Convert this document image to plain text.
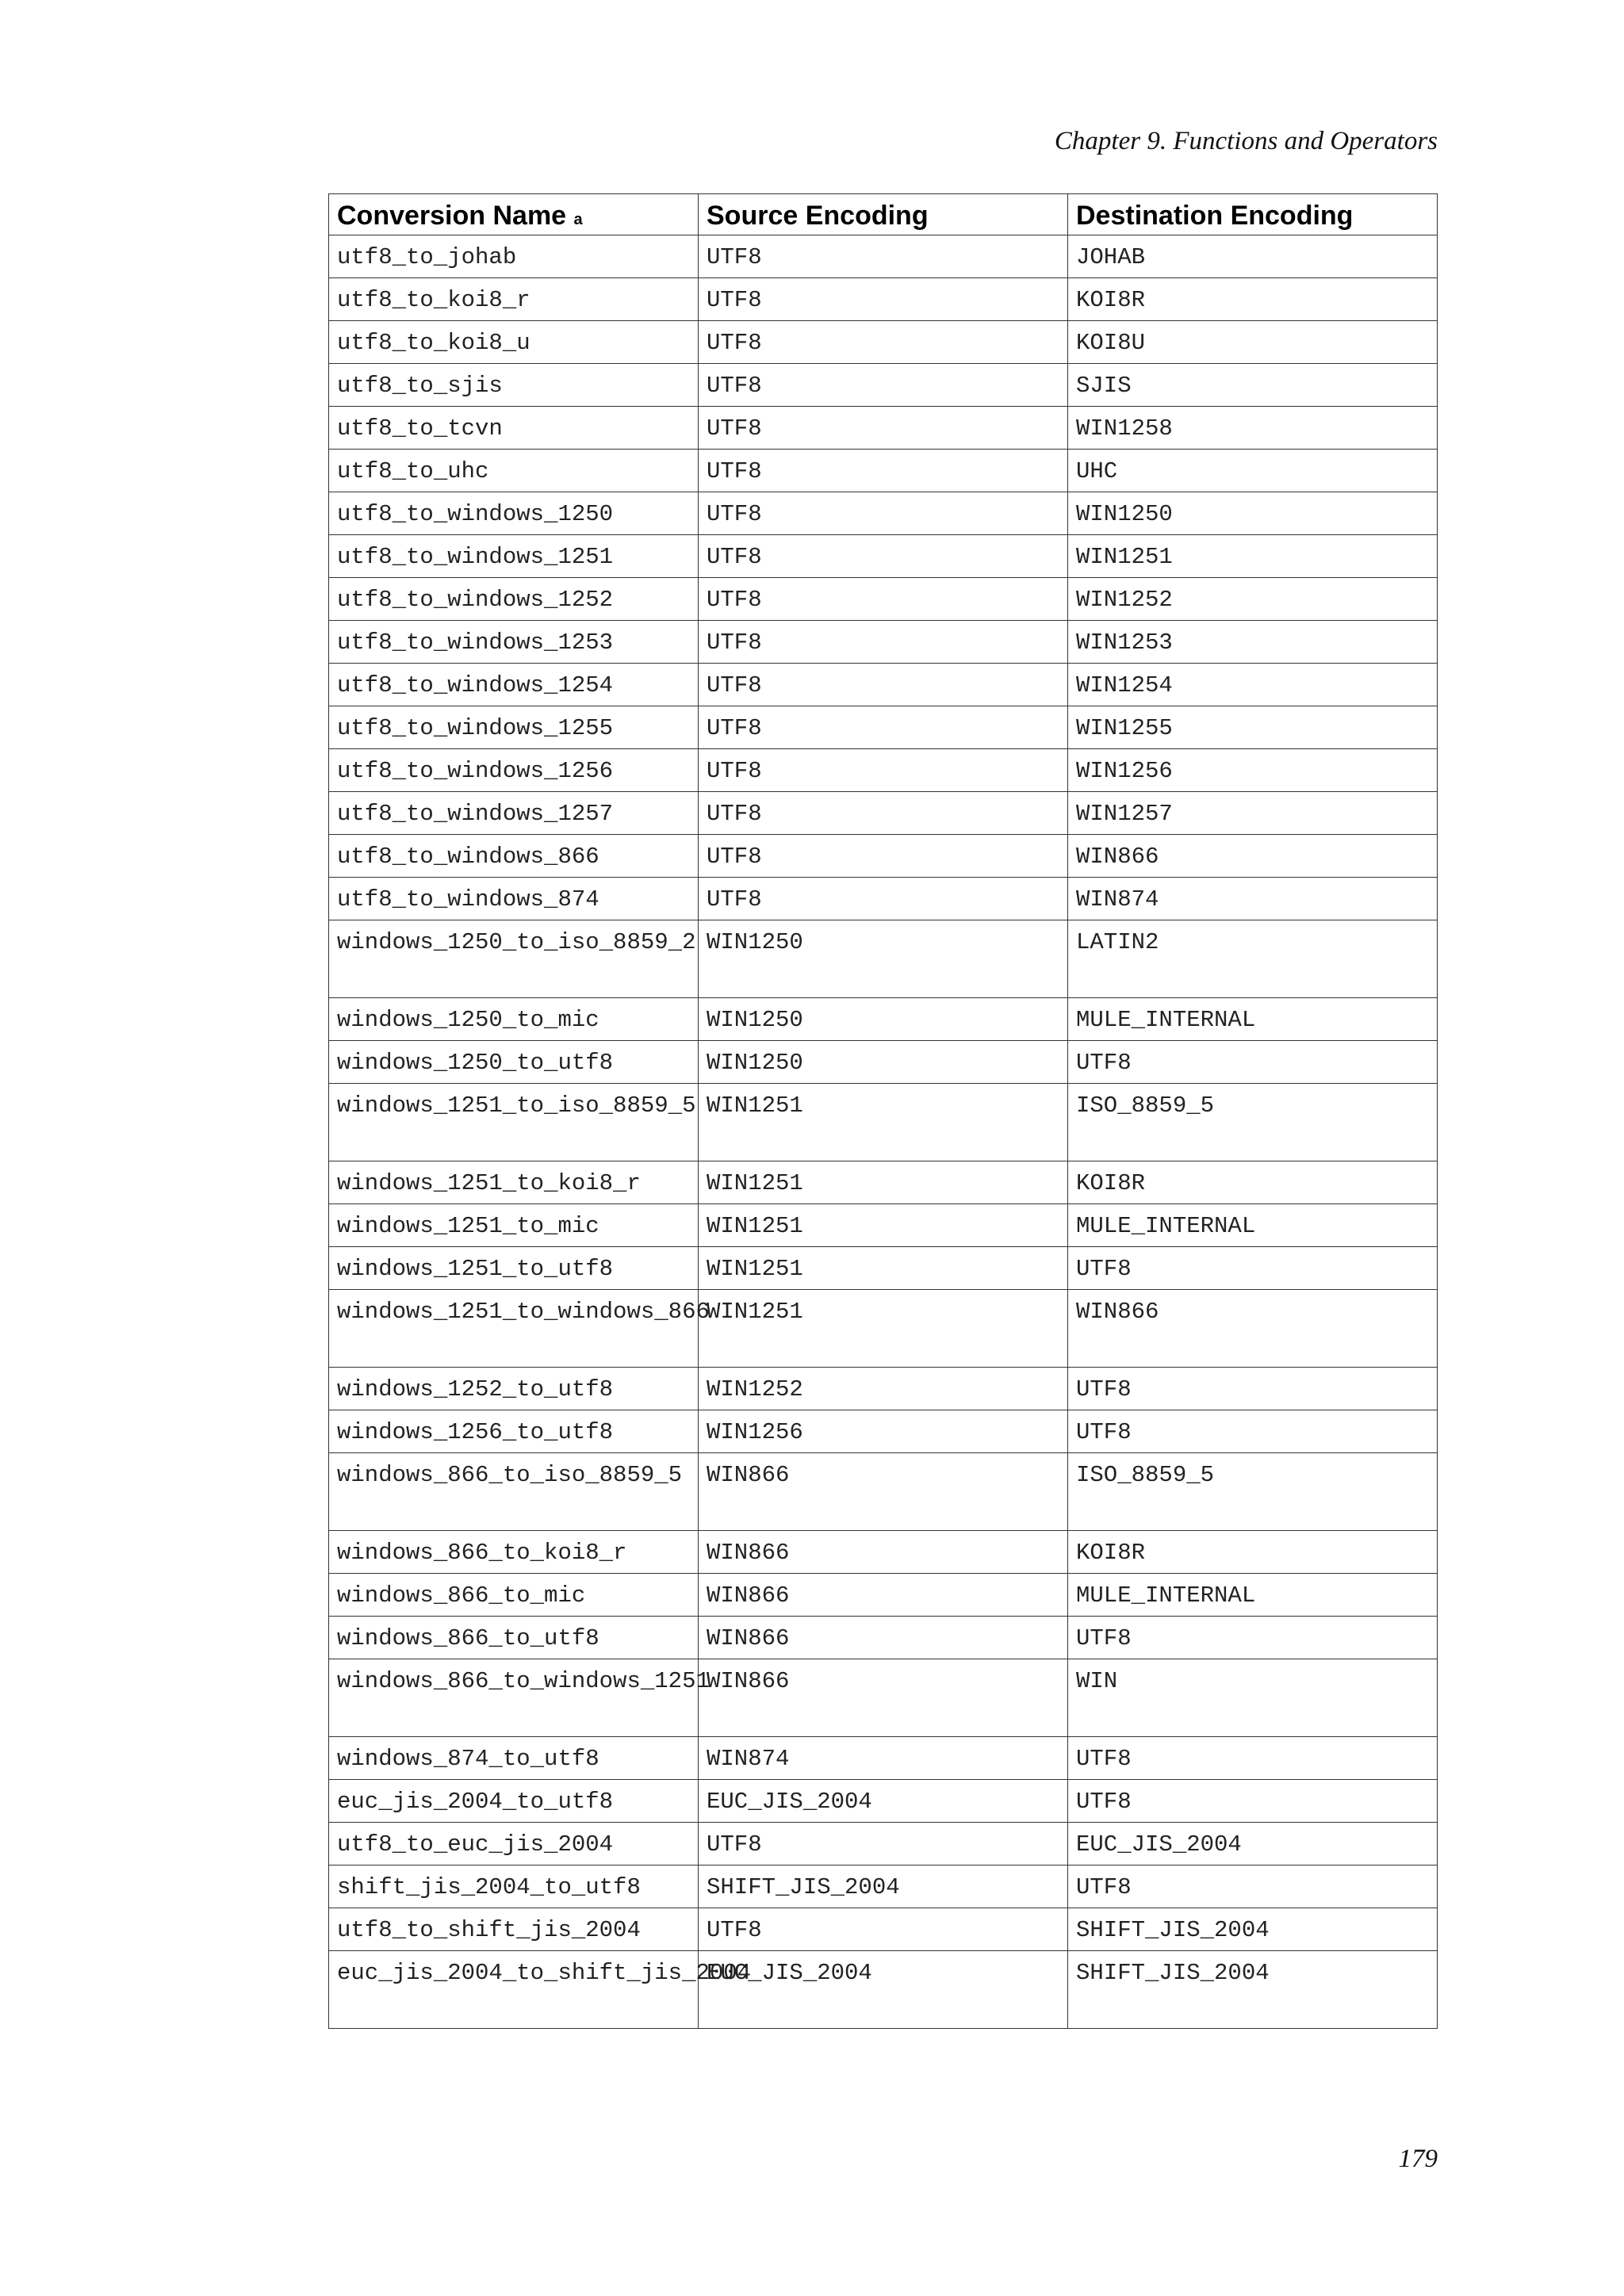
Chapter 9. Functions and Operators
Conversion Name a	Source Encoding	Destination Encoding
utf8_to_johab	UTF8	JOHAB
utf8_to_koi8_r	UTF8	KOI8R
utf8_to_koi8_u	UTF8	KOI8U
utf8_to_sjis	UTF8	SJIS
utf8_to_tcvn	UTF8	WIN1258
utf8_to_uhc	UTF8	UHC
utf8_to_windows_1250	UTF8	WIN1250
utf8_to_windows_1251	UTF8	WIN1251
utf8_to_windows_1252	UTF8	WIN1252
utf8_to_windows_1253	UTF8	WIN1253
utf8_to_windows_1254	UTF8	WIN1254
utf8_to_windows_1255	UTF8	WIN1255
utf8_to_windows_1256	UTF8	WIN1256
utf8_to_windows_1257	UTF8	WIN1257
utf8_to_windows_866	UTF8	WIN866
utf8_to_windows_874	UTF8	WIN874
windows_1250_to_iso_8859_2	WIN1250	LATIN2
windows_1250_to_mic	WIN1250	MULE_INTERNAL
windows_1250_to_utf8	WIN1250	UTF8
windows_1251_to_iso_8859_5	WIN1251	ISO_8859_5
windows_1251_to_koi8_r	WIN1251	KOI8R
windows_1251_to_mic	WIN1251	MULE_INTERNAL
windows_1251_to_utf8	WIN1251	UTF8
windows_1251_to_windows_866	WIN1251	WIN866
windows_1252_to_utf8	WIN1252	UTF8
windows_1256_to_utf8	WIN1256	UTF8
windows_866_to_iso_8859_5	WIN866	ISO_8859_5
windows_866_to_koi8_r	WIN866	KOI8R
windows_866_to_mic	WIN866	MULE_INTERNAL
windows_866_to_utf8	WIN866	UTF8
windows_866_to_windows_1251	WIN866	WIN
windows_874_to_utf8	WIN874	UTF8
euc_jis_2004_to_utf8	EUC_JIS_2004	UTF8
utf8_to_euc_jis_2004	UTF8	EUC_JIS_2004
shift_jis_2004_to_utf8	SHIFT_JIS_2004	UTF8
utf8_to_shift_jis_2004	UTF8	SHIFT_JIS_2004
euc_jis_2004_to_shift_jis_2004	EUC_JIS_2004	SHIFT_JIS_2004
179
